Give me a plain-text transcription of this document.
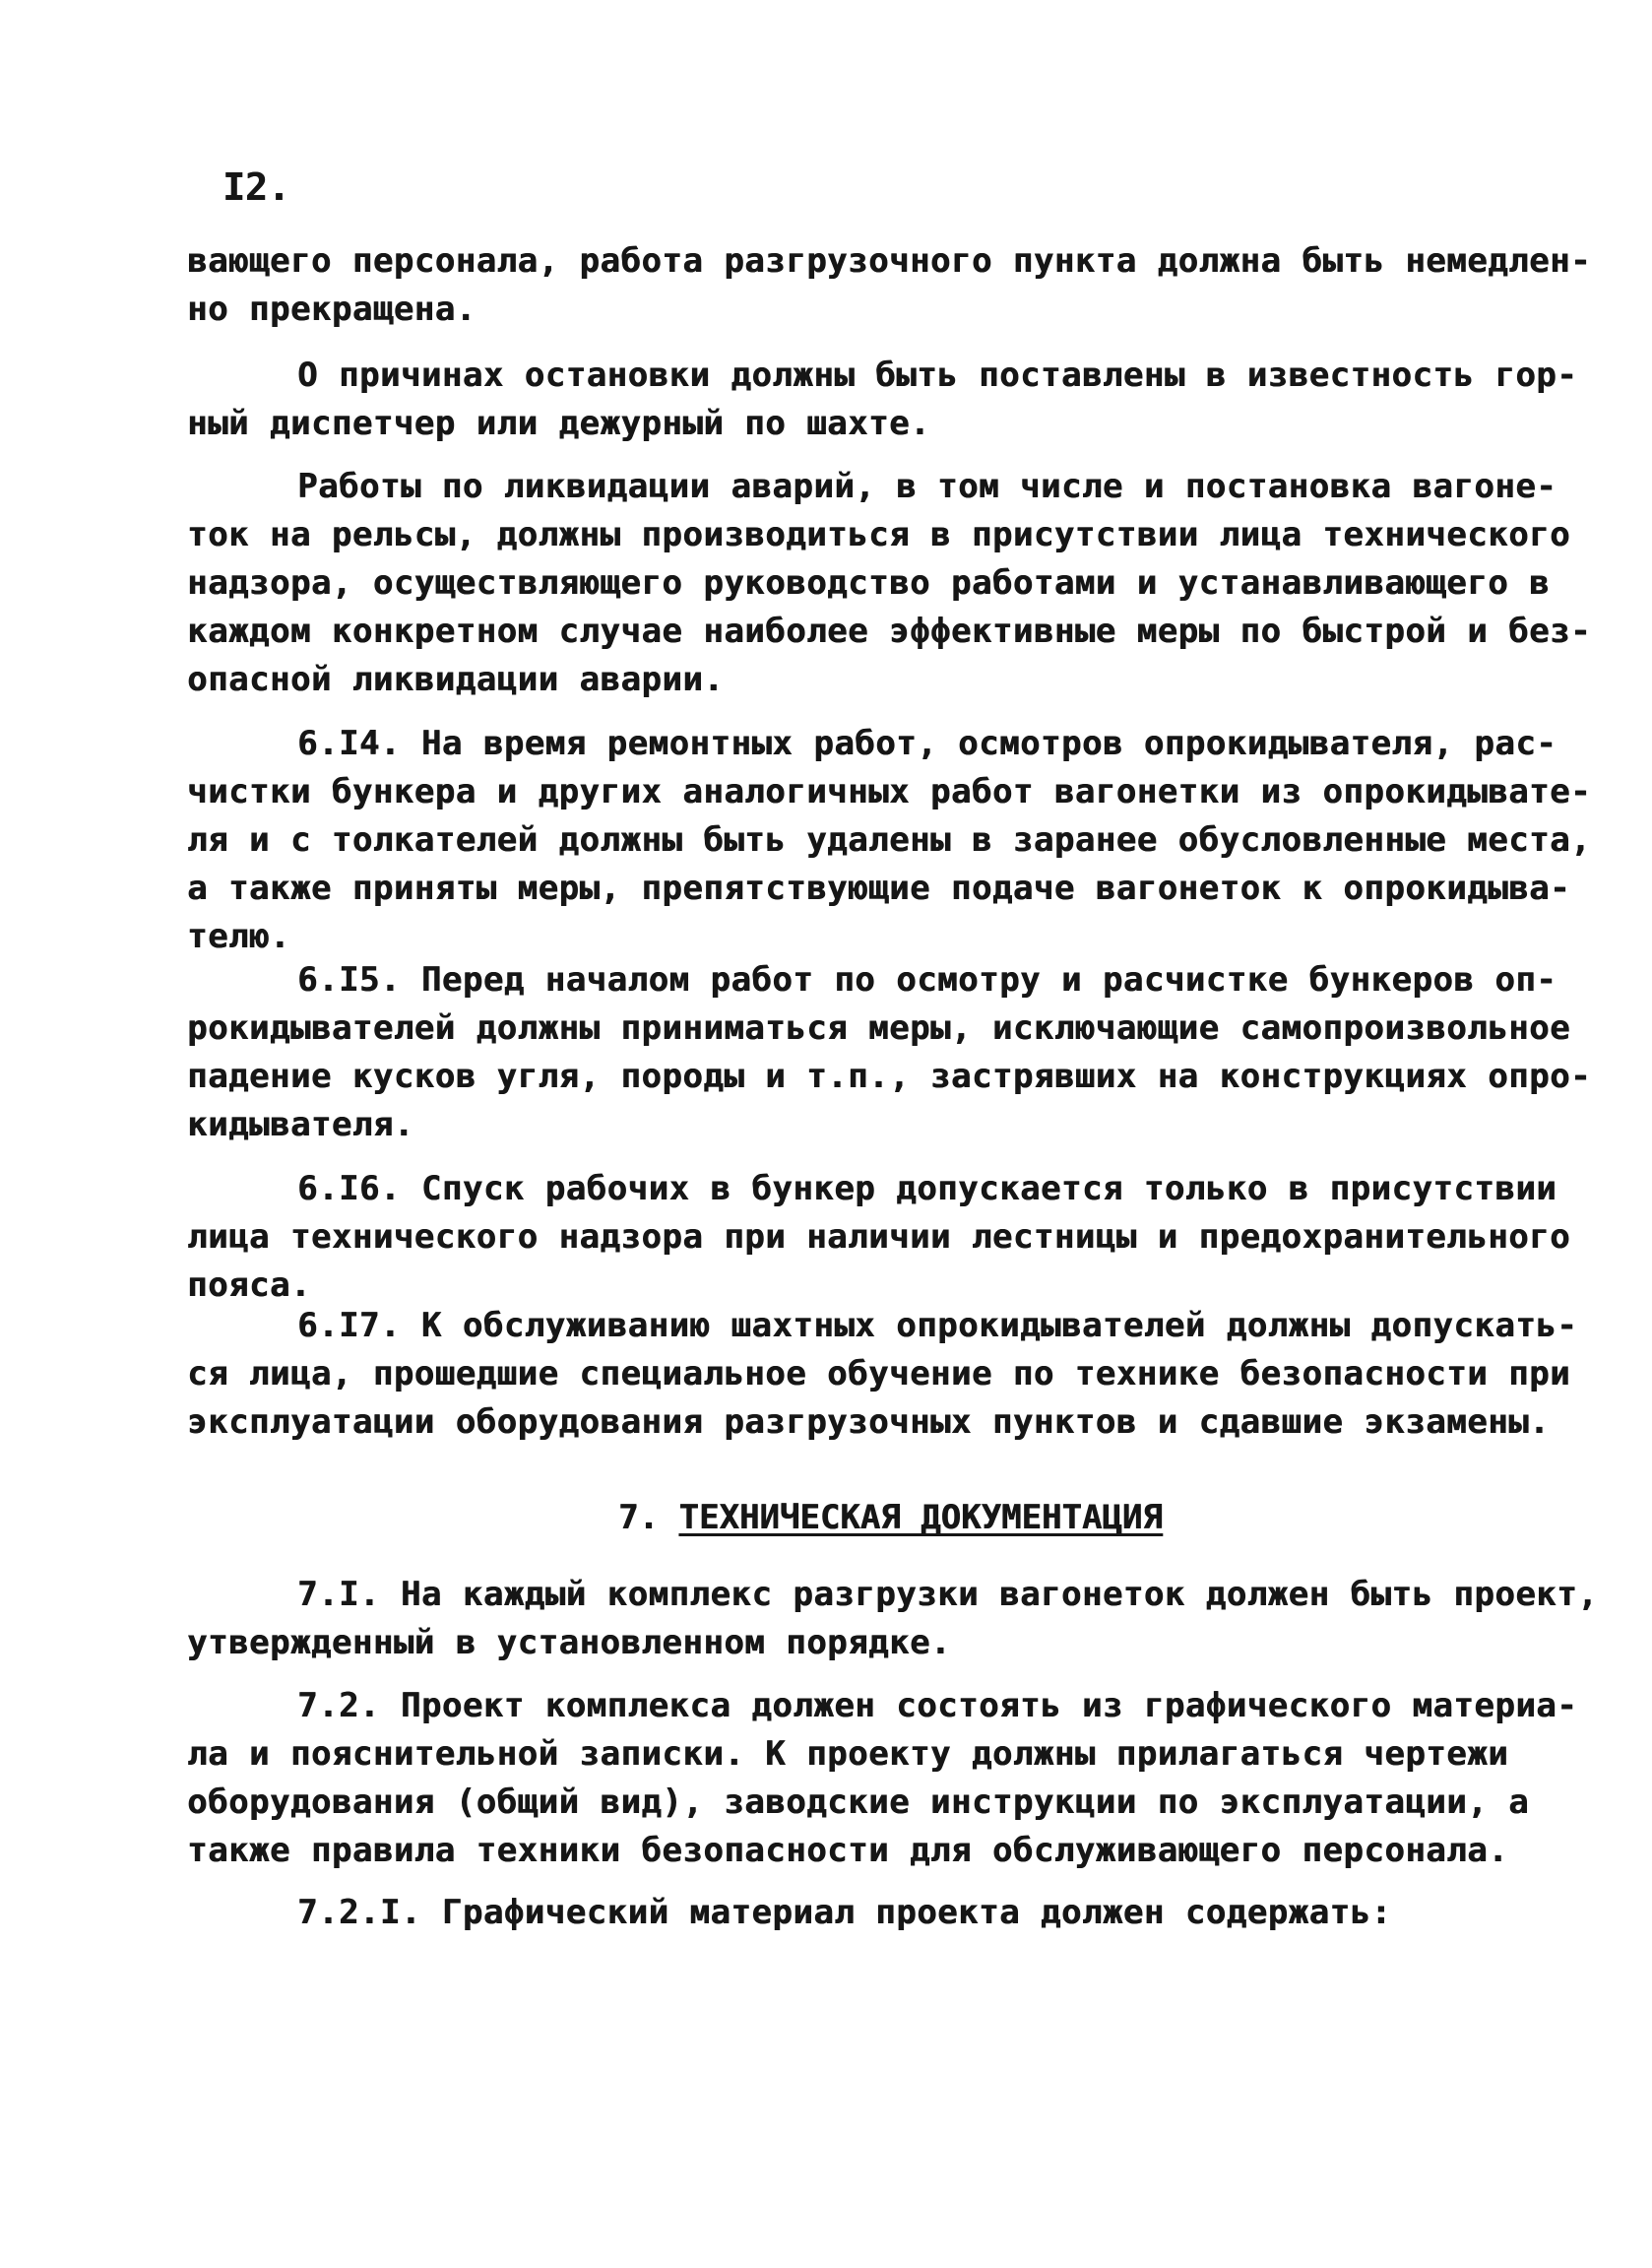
I2.
вающего персонала, работа разгрузочного пункта должна быть немедлен-
но прекращена.
О причинах остановки должны быть поставлены в известность гор-
ный диспетчер или дежурный по шахте.
Работы по ликвидации аварий, в том числе и постановка вагоне-
ток на рельсы, должны производиться в присутствии лица технического
надзора, осуществляющего руководство работами и устанавливающего в
каждом конкретном случае наиболее эффективные меры по быстрой и без-
опасной ликвидации аварии.
6.I4. На время ремонтных работ, осмотров опрокидывателя, рас-
чистки бункера и других аналогичных работ вагонетки из опрокидывате-
ля и с толкателей должны быть удалены в заранее обусловленные места,
а также приняты меры, препятствующие подаче вагонеток к опрокидыва-
телю.
6.I5. Перед началом работ по осмотру и расчистке бункеров оп-
рокидывателей должны приниматься меры, исключающие самопроизвольное
падение кусков угля, породы и т.п., застрявших на конструкциях опро-
кидывателя.
6.I6. Спуск рабочих в бункер допускается только в присутствии
лица технического надзора при наличии лестницы и предохранительного
пояса.
6.I7. К обслуживанию шахтных опрокидывателей должны допускать-
ся лица, прошедшие специальное обучение по технике безопасности при
эксплуатации оборудования разгрузочных пунктов и сдавшие экзамены.
7. ТЕХНИЧЕСКАЯ ДОКУМЕНТАЦИЯ
7.I. На каждый комплекс разгрузки вагонеток должен быть проект,
утвержденный в установленном порядке.
7.2. Проект комплекса должен состоять из графического материа-
ла и пояснительной записки. К проекту должны прилагаться чертежи
оборудования (общий вид), заводские инструкции по эксплуатации, а
также правила техники безопасности для обслуживающего персонала.
7.2.I. Графический материал проекта должен содержать:
